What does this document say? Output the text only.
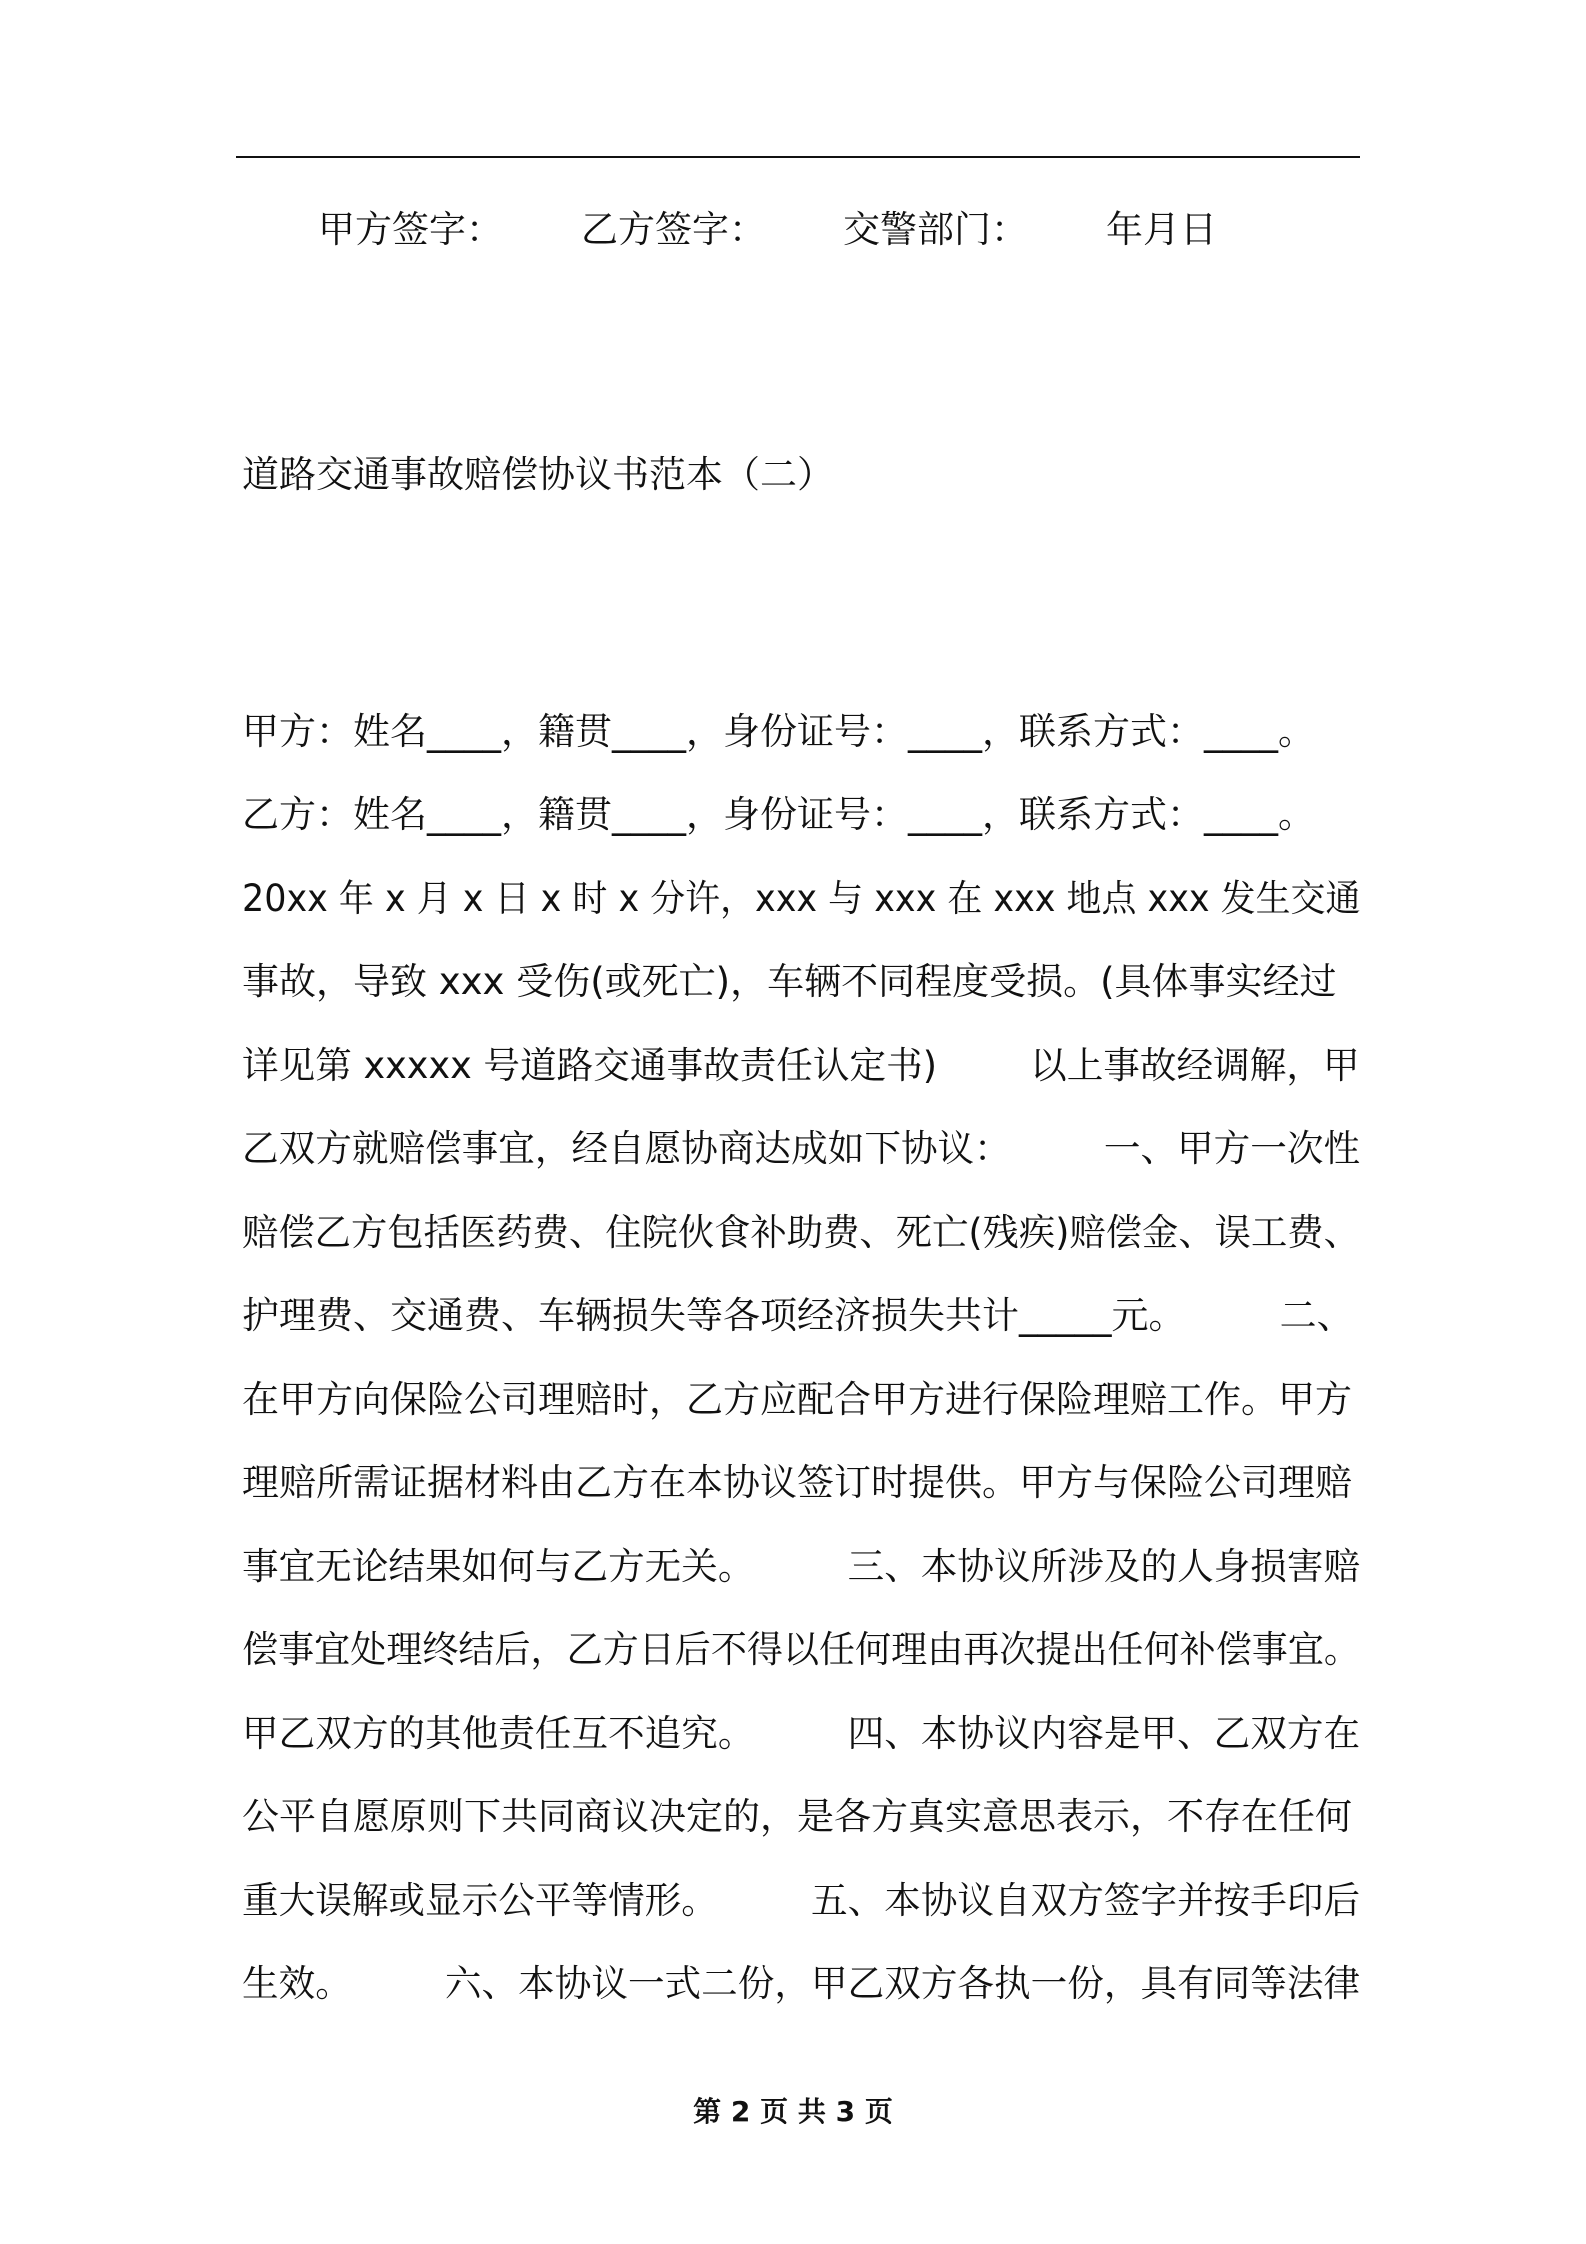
甲方签字： 乙方签字： 交警部门： 年月日
道路交通事故赔偿协议书范本（二）
甲方：姓名____，籍贯____，身份证号：____，联系方式：____。
乙方：姓名____，籍贯____，身份证号：____，联系方式：____。
20xx 年 x 月 x 日 x 时 x 分许，xxx 与 xxx 在 xxx 地点 xxx 发生交通
事故，导致 xxx 受伤(或死亡)，车辆不同程度受损。(具体事实经过
详见第 xxxxx 号道路交通事故责任认定书)        以上事故经调解，甲
乙双方就赔偿事宜，经自愿协商达成如下协议：        一、甲方一次性
赔偿乙方包括医药费、住院伙食补助费、死亡(残疾)赔偿金、误工费、
护理费、交通费、车辆损失等各项经济损失共计_____元。        二、
在甲方向保险公司理赔时，乙方应配合甲方进行保险理赔工作。甲方
理赔所需证据材料由乙方在本协议签订时提供。甲方与保险公司理赔
事宜无论结果如何与乙方无关。        三、本协议所涉及的人身损害赔
偿事宜处理终结后，乙方日后不得以任何理由再次提出任何补偿事宜。
甲乙双方的其他责任互不追究。        四、本协议内容是甲、乙双方在
公平自愿原则下共同商议决定的，是各方真实意思表示，不存在任何
重大误解或显示公平等情形。        五、本协议自双方签字并按手印后
生效。        六、本协议一式二份，甲乙双方各执一份，具有同等法律
第 2 页 共 3 页
